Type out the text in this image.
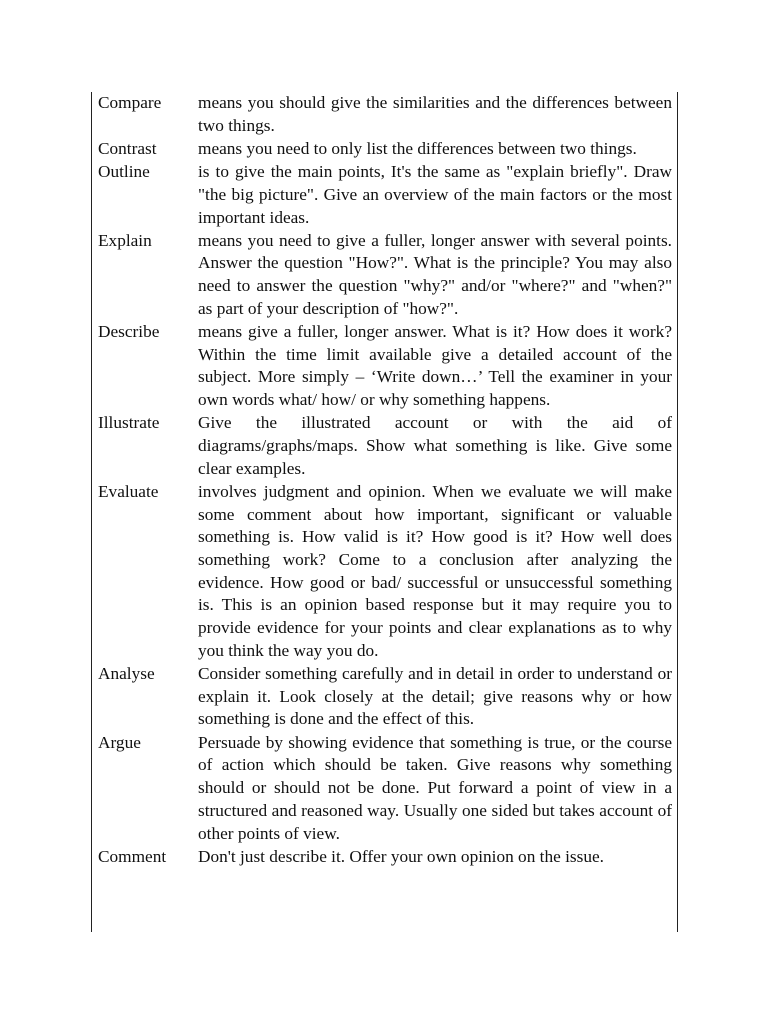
Compare	means you should give the similarities and the differences between two things.
Contrast	means you need to only list the differences between two things.
Outline	is to give the main points, It's the same as "explain briefly". Draw "the big picture". Give an overview of the main factors or the most important ideas.
Explain	means you need to give a fuller, longer answer with several points. Answer the question "How?". What is the principle? You may also need to answer the question "why?" and/or "where?" and "when?" as part of your description of "how?".
Describe	means give a fuller, longer answer. What is it? How does it work? Within the time limit available give a detailed account of the subject. More simply – ‘Write down…’ Tell the examiner in your own words what/ how/ or why something happens.
Illustrate	Give the illustrated account or with the aid of diagrams/graphs/maps. Show what something is like. Give some clear examples.
Evaluate	involves judgment and opinion. When we evaluate we will make some comment about how important, significant or valuable something is. How valid is it? How good is it? How well does something work? Come to a conclusion after analyzing the evidence. How good or bad/ successful or unsuccessful something is. This is an opinion based response but it may require you to provide evidence for your points and clear explanations as to why you think the way you do.
Analyse	Consider something carefully and in detail in order to understand or explain it. Look closely at the detail; give reasons why or how something is done and the effect of this.
Argue	Persuade by showing evidence that something is true, or the course of action which should be taken. Give reasons why something should or should not be done. Put forward a point of view in a structured and reasoned way. Usually one sided but takes account of other points of view.
Comment	Don't just describe it. Offer your own opinion on the issue.
